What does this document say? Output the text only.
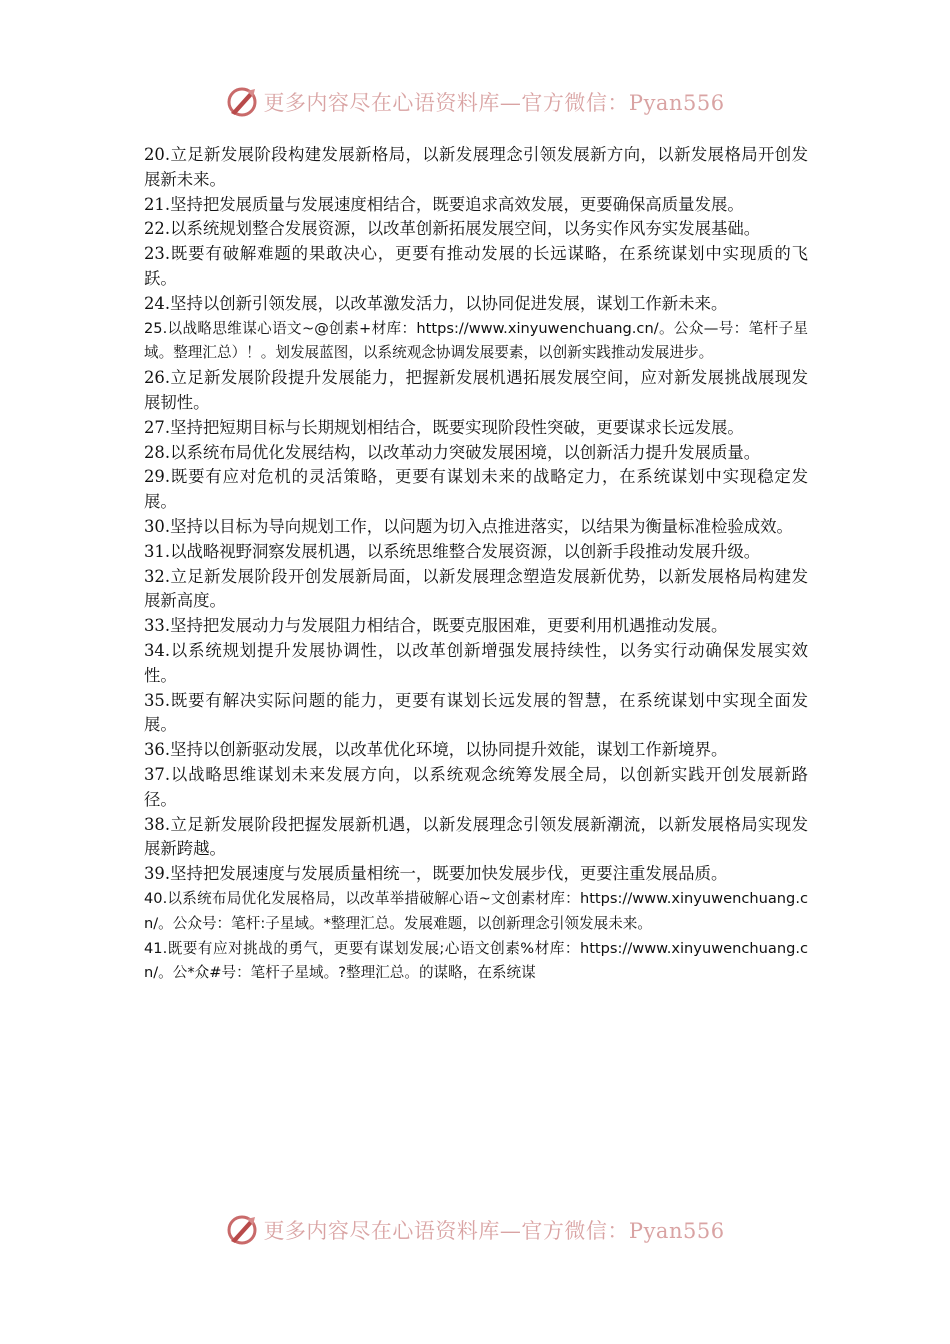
更多内容尽在心语资料库—官方微信：Pyan556

20.立足新发展阶段构建发展新格局，以新发展理念引领发展新方向，以新发展格局开创发展新未来。

21.坚持把发展质量与发展速度相结合，既要追求高效发展，更要确保高质量发展。

22.以系统规划整合发展资源，以改革创新拓展发展空间，以务实作风夯实发展基础。

23.既要有破解难题的果敢决心，更要有推动发展的长远谋略，在系统谋划中实现质的飞跃。

24.坚持以创新引领发展，以改革激发活力，以协同促进发展，谋划工作新未来。

25.以战略思维谋心语文~@创素+材库：https://www.xinyuwenchuang.cn/。公众—号：笔杆子星域。整理汇总）！。划发展蓝图，以系统观念协调发展要素，以创新实践推动发展进步。

26.立足新发展阶段提升发展能力，把握新发展机遇拓展发展空间，应对新发展挑战展现发展韧性。

27.坚持把短期目标与长期规划相结合，既要实现阶段性突破，更要谋求长远发展。

28.以系统布局优化发展结构，以改革动力突破发展困境，以创新活力提升发展质量。

29.既要有应对危机的灵活策略，更要有谋划未来的战略定力，在系统谋划中实现稳定发展。

30.坚持以目标为导向规划工作，以问题为切入点推进落实，以结果为衡量标准检验成效。

31.以战略视野洞察发展机遇，以系统思维整合发展资源，以创新手段推动发展升级。

32.立足新发展阶段开创发展新局面，以新发展理念塑造发展新优势，以新发展格局构建发展新高度。

33.坚持把发展动力与发展阻力相结合，既要克服困难，更要利用机遇推动发展。

34.以系统规划提升发展协调性，以改革创新增强发展持续性，以务实行动确保发展实效性。

35.既要有解决实际问题的能力，更要有谋划长远发展的智慧，在系统谋划中实现全面发展。

36.坚持以创新驱动发展，以改革优化环境，以协同提升效能，谋划工作新境界。

37.以战略思维谋划未来发展方向，以系统观念统筹发展全局，以创新实践开创发展新路径。

38.立足新发展阶段把握发展新机遇，以新发展理念引领发展新潮流，以新发展格局实现发展新跨越。

39.坚持把发展速度与发展质量相统一，既要加快发展步伐，更要注重发展品质。

40.以系统布局优化发展格局，以改革举措破解心语~文创素材库：https://www.xinyuwenchuang.cn/。公众号：笔杆:子星域。*整理汇总。发展难题，以创新理念引领发展未来。

41.既要有应对挑战的勇气，更要有谋划发展;心语文创素%材库：https://www.xinyuwenchuang.cn/。公*众#号：笔杆子星域。?整理汇总。的谋略，在系统谋

更多内容尽在心语资料库—官方微信：Pyan556
